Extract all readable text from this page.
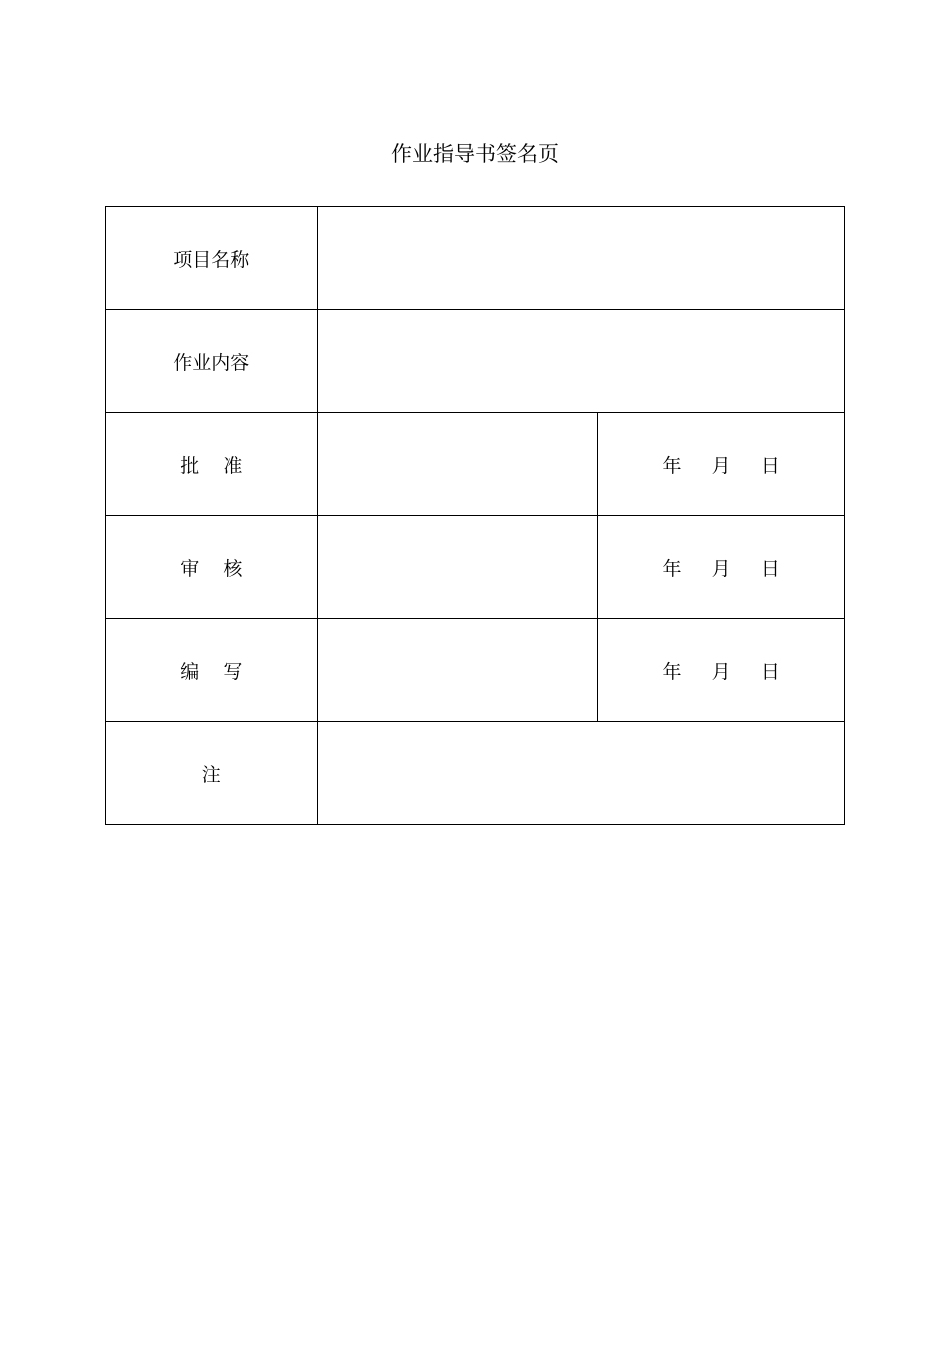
作业指导书签名页
项目名称		
作业内容		
批    准		年     月     日
审    核		年     月     日
编    写		年     月     日
注		
